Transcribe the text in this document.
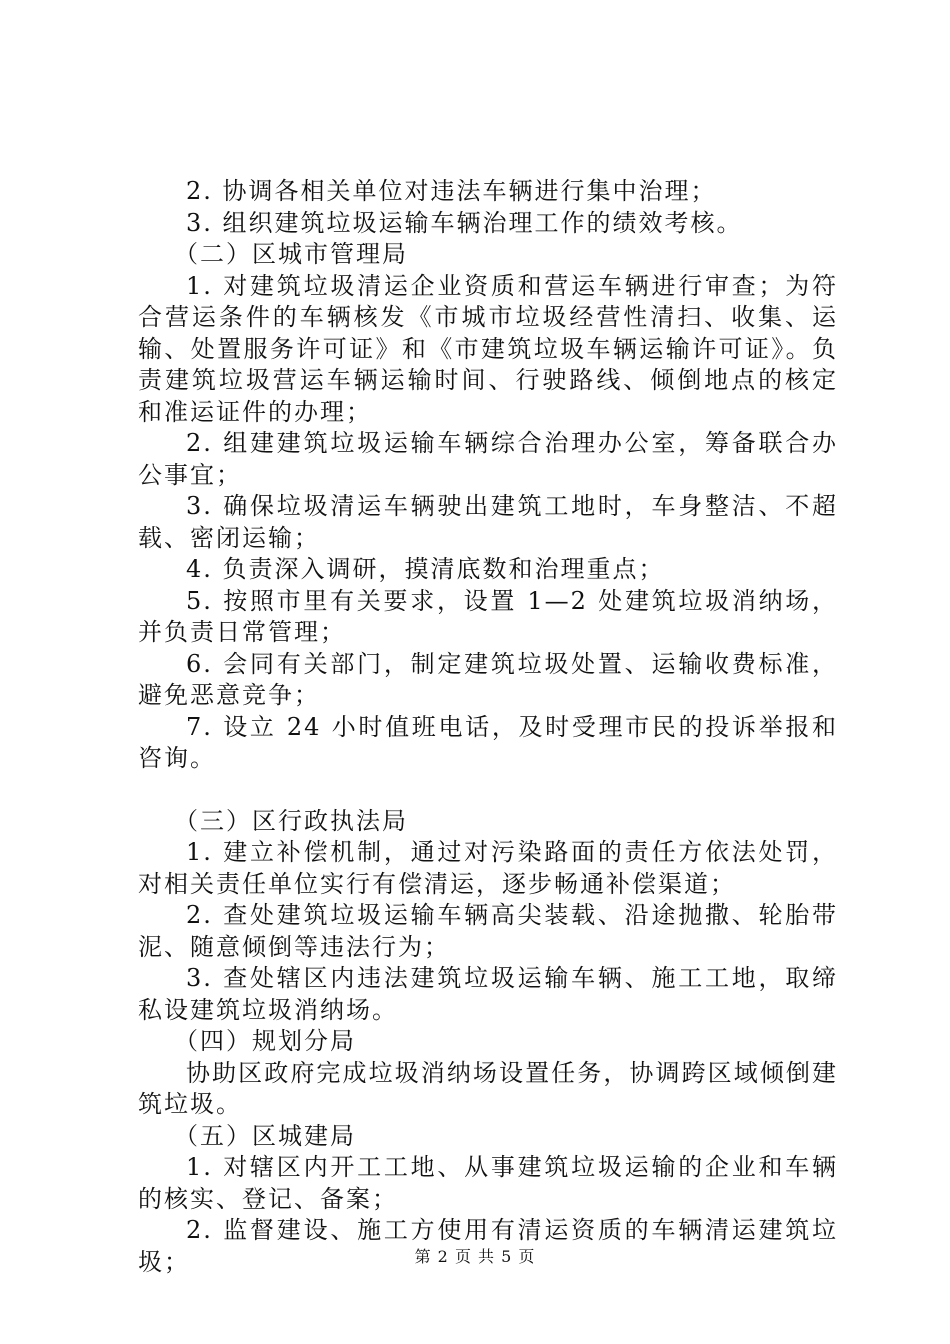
2. 协调各相关单位对违法车辆进行集中治理；

3. 组织建筑垃圾运输车辆治理工作的绩效考核。

（二）区城市管理局

1. 对建筑垃圾清运企业资质和营运车辆进行审查；为符合营运条件的车辆核发《市城市垃圾经营性清扫、收集、运输、处置服务许可证》和《市建筑垃圾车辆运输许可证》。负责建筑垃圾营运车辆运输时间、行驶路线、倾倒地点的核定和准运证件的办理；

2. 组建建筑垃圾运输车辆综合治理办公室，筹备联合办公事宜；

3. 确保垃圾清运车辆驶出建筑工地时，车身整洁、不超载、密闭运输；

4. 负责深入调研，摸清底数和治理重点；

5. 按照市里有关要求，设置 1—2 处建筑垃圾消纳场，并负责日常管理；

6. 会同有关部门，制定建筑垃圾处置、运输收费标准，避免恶意竞争；

7. 设立 24 小时值班电话，及时受理市民的投诉举报和咨询。

（三）区行政执法局

1. 建立补偿机制，通过对污染路面的责任方依法处罚，对相关责任单位实行有偿清运，逐步畅通补偿渠道；

2. 查处建筑垃圾运输车辆高尖装载、沿途抛撒、轮胎带泥、随意倾倒等违法行为；

3. 查处辖区内违法建筑垃圾运输车辆、施工工地，取缔私设建筑垃圾消纳场。

（四）规划分局

协助区政府完成垃圾消纳场设置任务，协调跨区域倾倒建筑垃圾。

（五）区城建局

1. 对辖区内开工工地、从事建筑垃圾运输的企业和车辆的核实、登记、备案；

2. 监督建设、施工方使用有清运资质的车辆清运建筑垃圾；	第 2 页 共 5 页
